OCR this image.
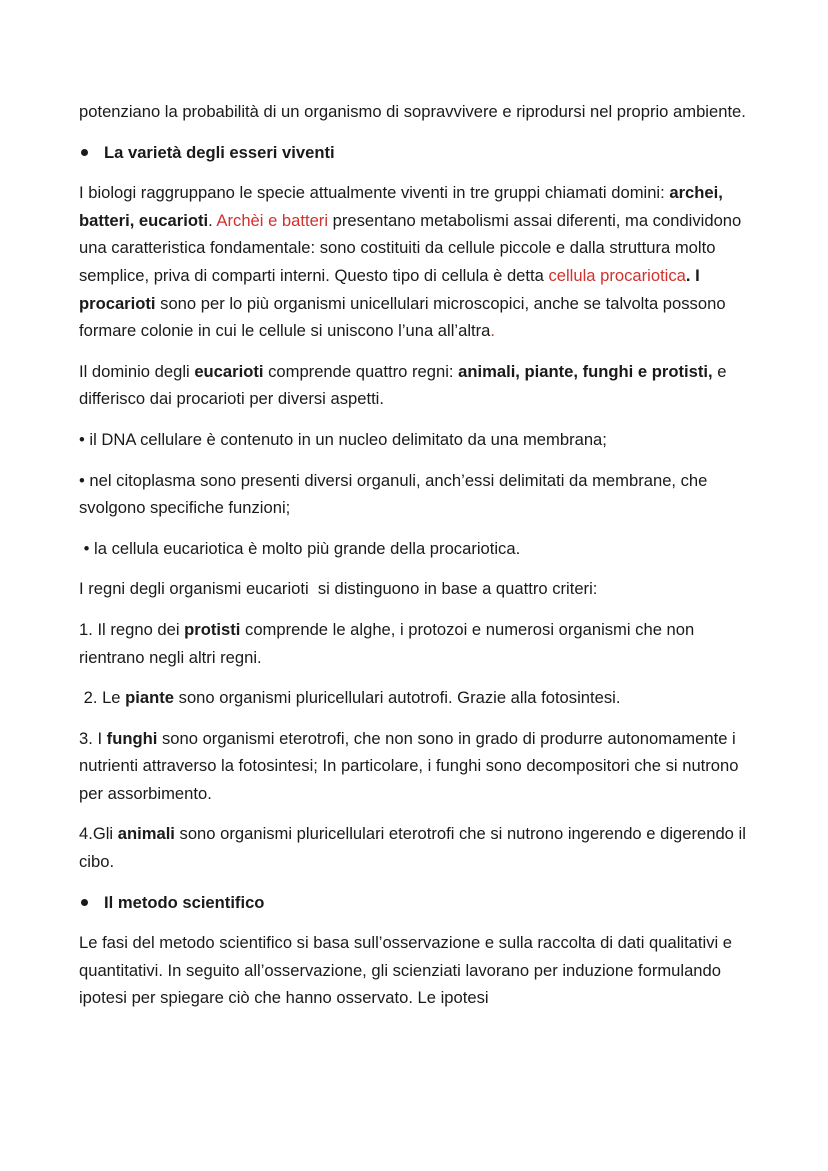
potenziano la probabilità di un organismo di sopravvivere e riprodursi nel proprio ambiente.

La varietà degli esseri viventi

I biologi raggruppano le specie attualmente viventi in tre gruppi chiamati domini: archei, batteri, eucarioti. Archèi e batteri presentano metabolismi assai diferenti, ma condividono una caratteristica fondamentale: sono costituiti da cellule piccole e dalla struttura molto semplice, priva di comparti interni. Questo tipo di cellula è detta cellula procariotica. I procarioti sono per lo più organismi unicellulari microscopici, anche se talvolta possono formare colonie in cui le cellule si uniscono l’una all’altra.

Il dominio degli eucarioti comprende quattro regni: animali, piante, funghi e protisti, e differisco dai procarioti per diversi aspetti.

• il DNA cellulare è contenuto in un nucleo delimitato da una membrana;

• nel citoplasma sono presenti diversi organuli, anch’essi delimitati da membrane, che svolgono specifiche funzioni;

• la cellula eucariotica è molto più grande della procariotica.

I regni degli organismi eucarioti  si distinguono in base a quattro criteri:

1. Il regno dei protisti comprende le alghe, i protozoi e numerosi organismi che non rientrano negli altri regni.

2. Le piante sono organismi pluricellulari autotrofi. Grazie alla fotosintesi.

3. I funghi sono organismi eterotrofi, che non sono in grado di produrre autonomamente i nutrienti attraverso la fotosintesi; In particolare, i funghi sono decompositori che si nutrono per assorbimento.

4.Gli animali sono organismi pluricellulari eterotrofi che si nutrono ingerendo e digerendo il cibo.

Il metodo scientifico

Le fasi del metodo scientifico si basa sull’osservazione e sulla raccolta di dati qualitativi e quantitativi. In seguito all’osservazione, gli scienziati lavorano per induzione formulando ipotesi per spiegare ciò che hanno osservato. Le ipotesi
